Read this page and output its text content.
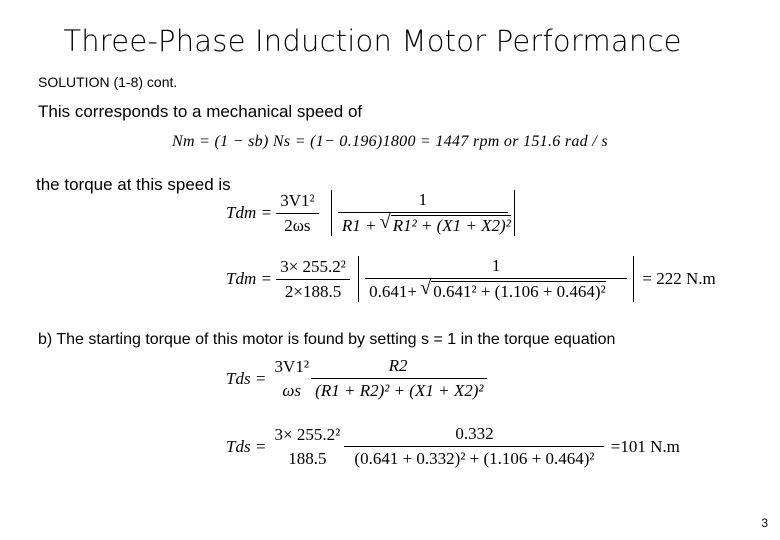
Three-Phase Induction Motor Performance
SOLUTION (1-8) cont.
This corresponds to a mechanical speed of
Nm = (1 − sb) Ns = (1− 0.196)1800 = 1447 rpm or 151.6 rad / s
the torque at this speed is
Tdm = $\frac{\text{3V1²}}{2\omega s}$
$\frac{1}{\text{R1 + √ R1² + (X1 + X2)²}}$
Tdm = $\frac{\text{3× 255.2²}}{2\times 188.5}$
$\frac{1}{\text{0.641+ √ 0.641² + (1.106 + 0.464)²}} = 222$ N.m
b) The starting torque of this motor is found by setting s = 1 in the torque equation
Tds =
3V1²
ωs
$\frac{R2}{\text{(R1 + R2)² + (X1 + X2)²}}$
Tds =
3× 255.2²
188.5
	$\frac{0.332}{\text{(0.641 + 0.332)² + (1.106 + 0.464)²}} =101$ N.m
3
